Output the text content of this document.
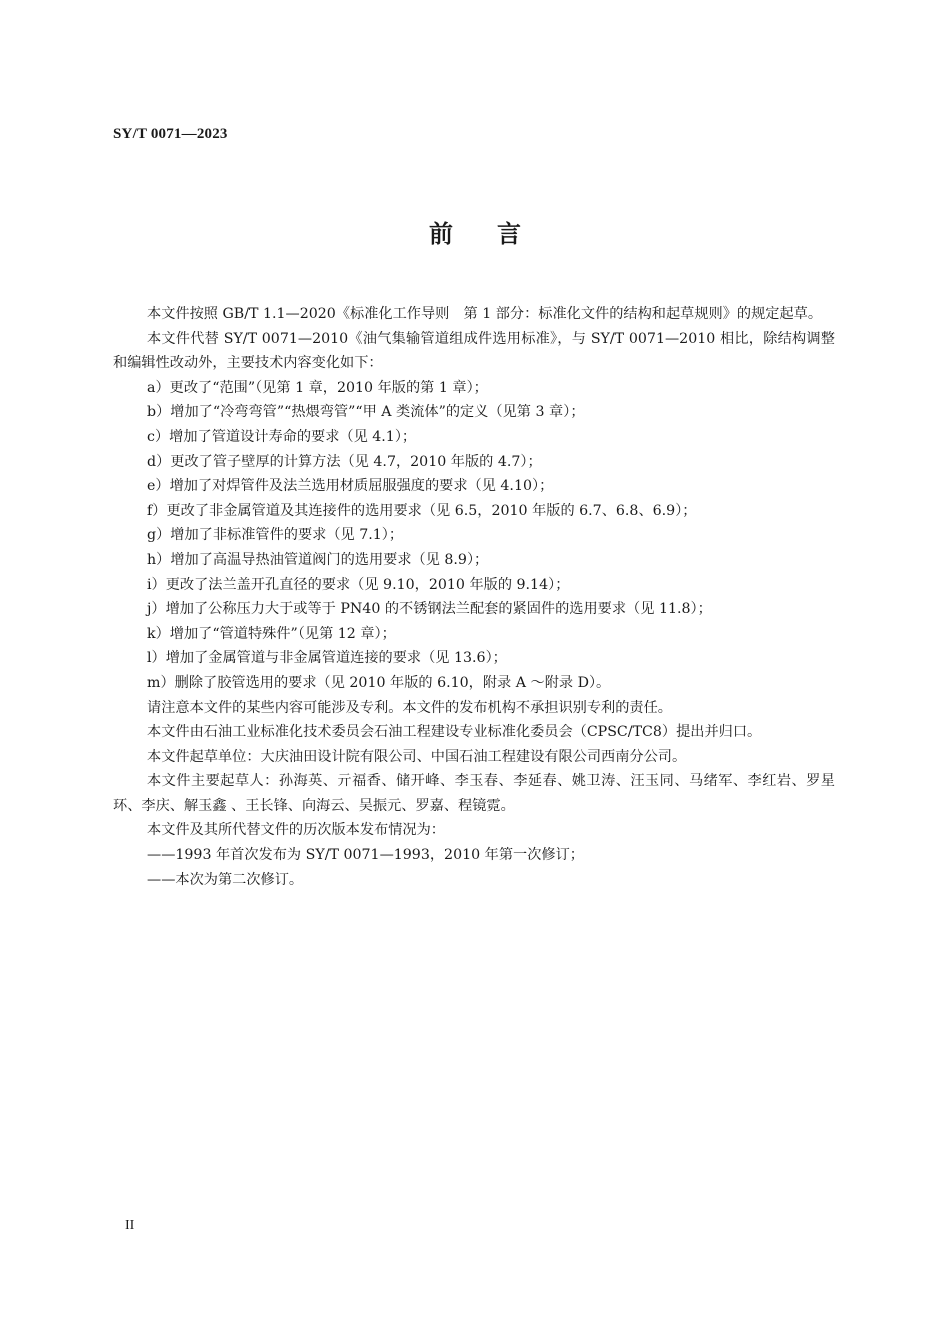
SY/T 0071—2023
前言

本文件按照 GB/T 1.1—2020《标准化工作导则　第 1 部分：标准化文件的结构和起草规则》的规定起草。

本文件代替 SY/T 0071—2010《油气集输管道组成件选用标准》，与 SY/T 0071—2010 相比，除结构调整和编辑性改动外，主要技术内容变化如下：

a）更改了“范围”（见第 1 章，2010 年版的第 1 章）；

b）增加了“冷弯弯管”“热煨弯管”“甲 A 类流体”的定义（见第 3 章）；

c）增加了管道设计寿命的要求（见 4.1）；

d）更改了管子壁厚的计算方法（见 4.7，2010 年版的 4.7）；

e）增加了对焊管件及法兰选用材质屈服强度的要求（见 4.10）；

f）更改了非金属管道及其连接件的选用要求（见 6.5，2010 年版的 6.7、6.8、6.9）；

g）增加了非标准管件的要求（见 7.1）；

h）增加了高温导热油管道阀门的选用要求（见 8.9）；

i）更改了法兰盖开孔直径的要求（见 9.10，2010 年版的 9.14）；

j）增加了公称压力大于或等于 PN40 的不锈钢法兰配套的紧固件的选用要求（见 11.8）；

k）增加了“管道特殊件”（见第 12 章）；

l）增加了金属管道与非金属管道连接的要求（见 13.6）；

m）删除了胶管选用的要求（见 2010 年版的 6.10，附录 A ～附录 D）。

请注意本文件的某些内容可能涉及专利。本文件的发布机构不承担识别专利的责任。

本文件由石油工业标准化技术委员会石油工程建设专业标准化委员会（CPSC/TC8）提出并归口。

本文件起草单位：大庆油田设计院有限公司、中国石油工程建设有限公司西南分公司。

本文件主要起草人：孙海英、亓福香、储开峰、李玉春、李延春、姚卫涛、汪玉同、马绪军、李红岩、罗星环、李庆、解玉鑫 、王长锋、向海云、吴振元、罗嘉、程镜霓。

本文件及其所代替文件的历次版本发布情况为：

——1993 年首次发布为 SY/T 0071—1993，2010 年第一次修订；

——本次为第二次修订。

II
